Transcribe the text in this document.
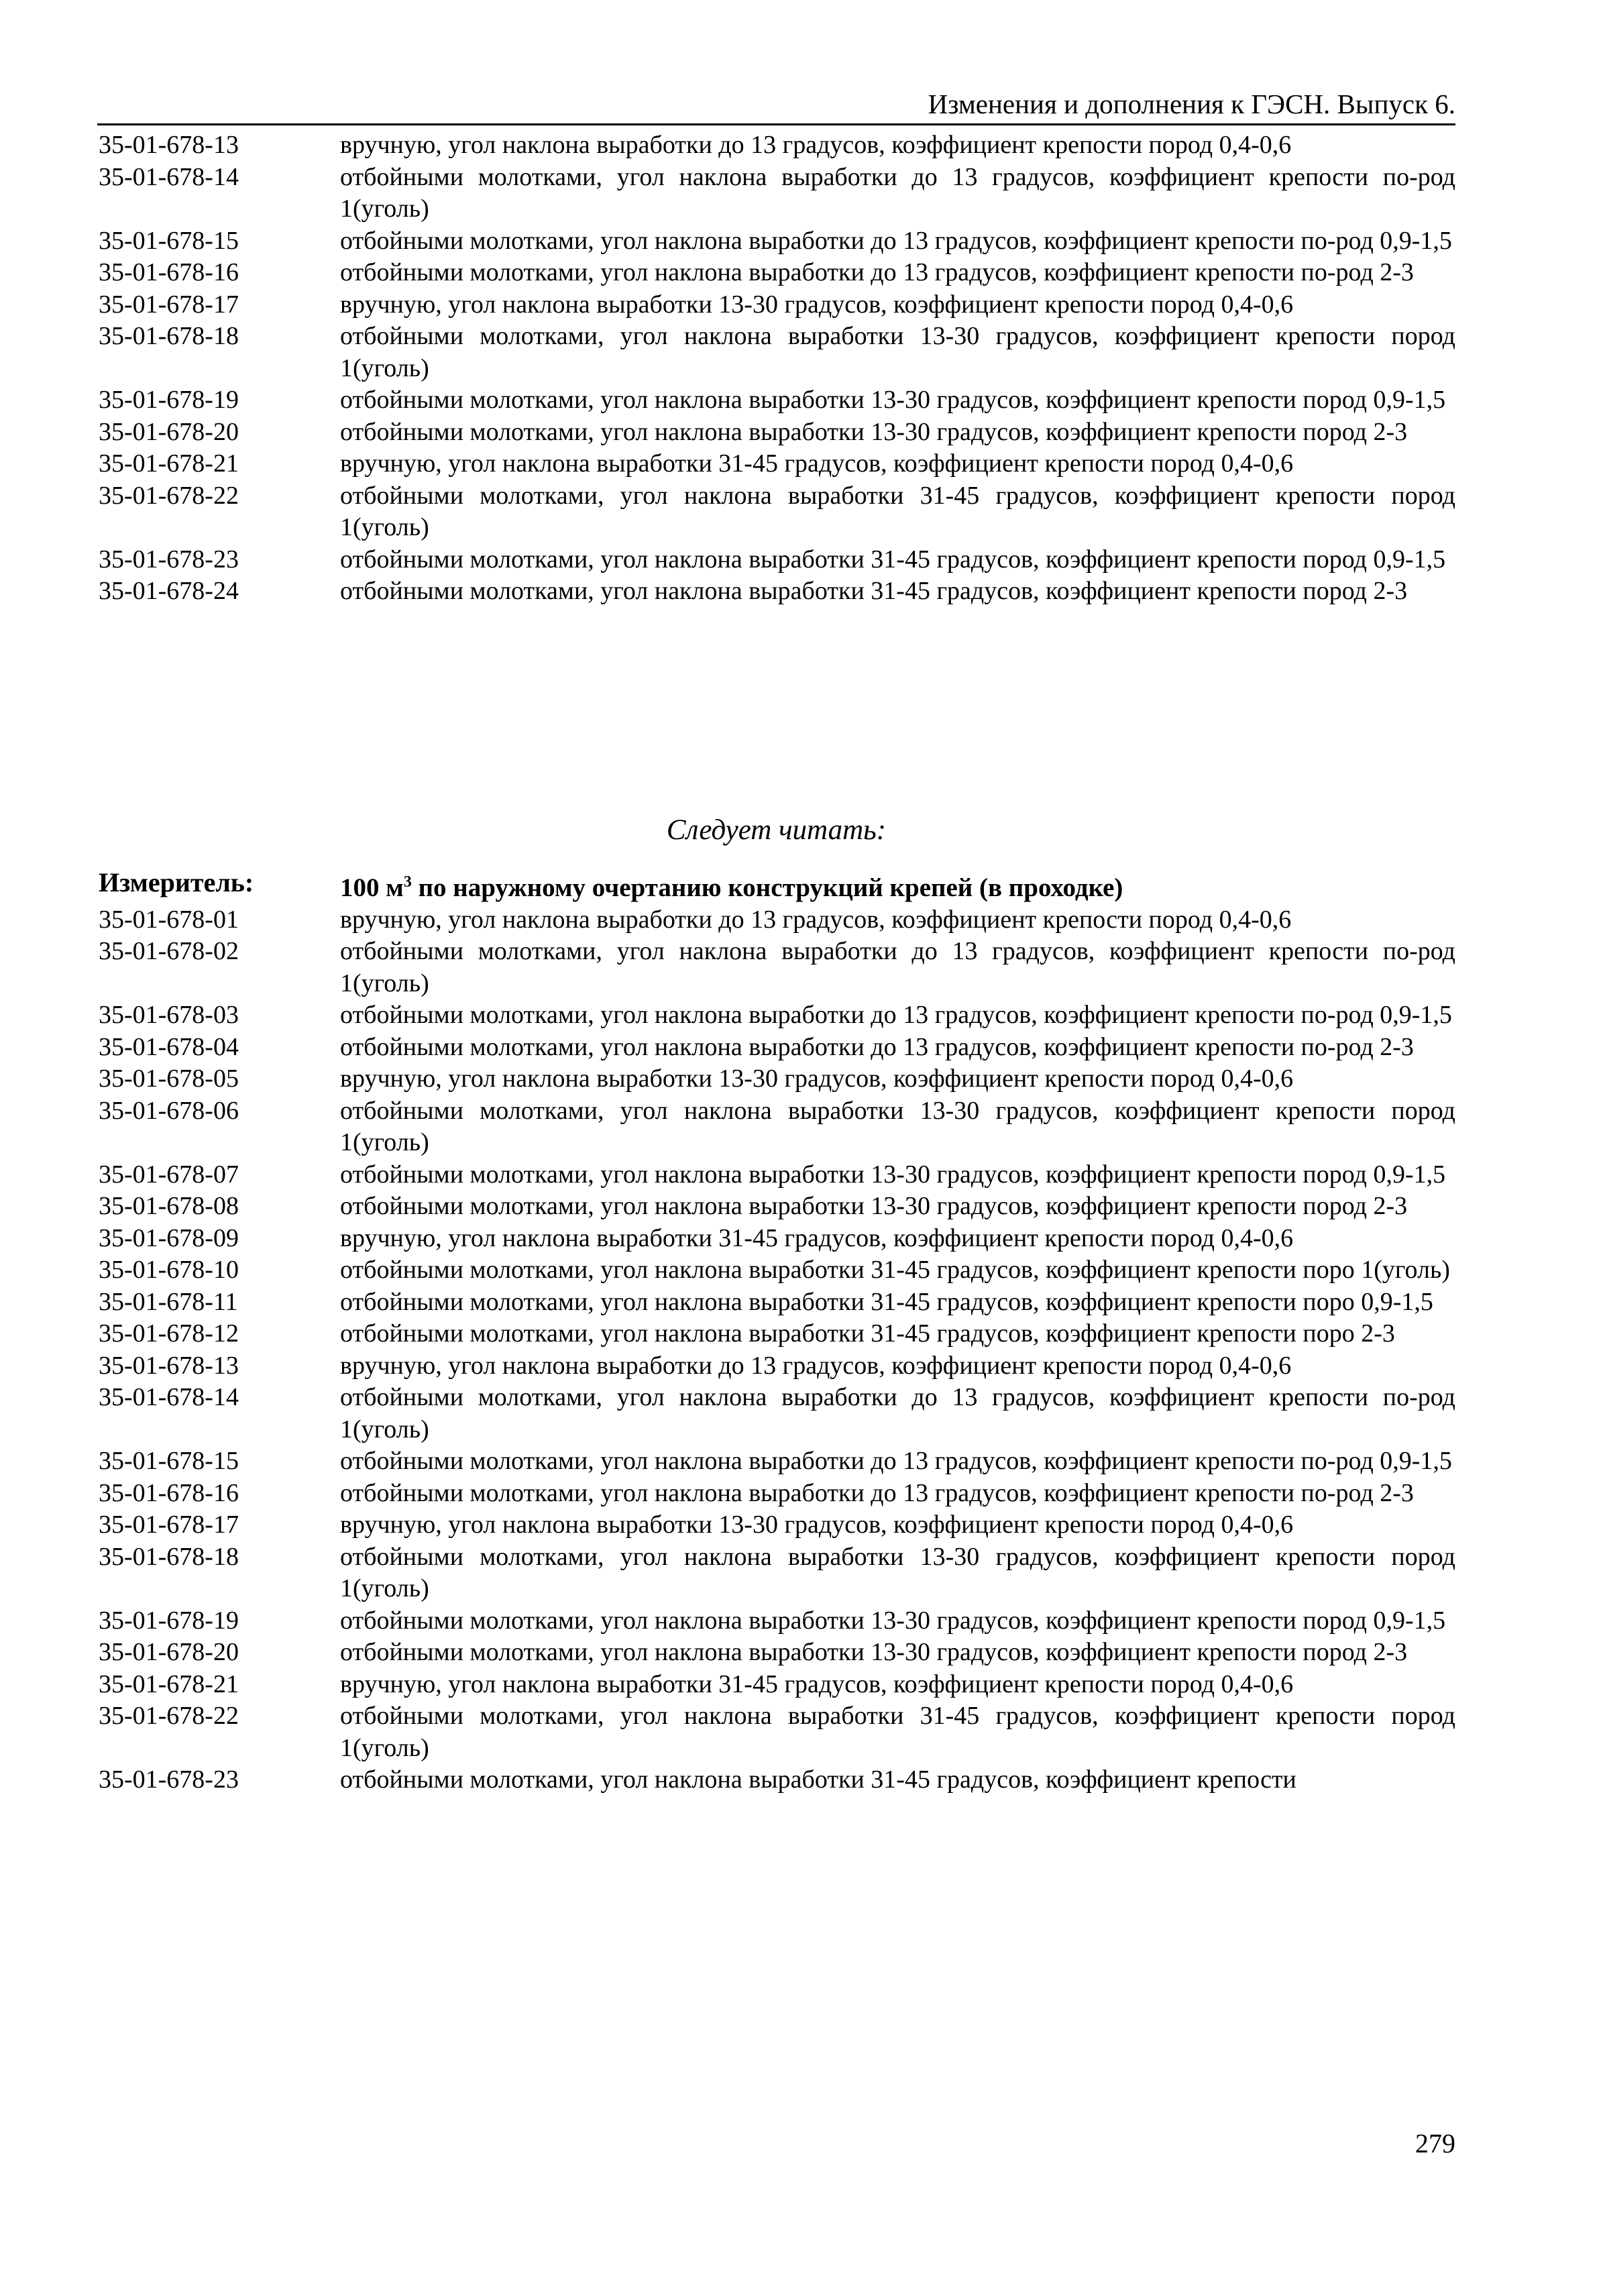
Изменения и дополнения к ГЭСН. Выпуск 6.
35-01-678-13	вручную, угол наклона выработки до 13 градусов, коэффициент крепости пород 0,4-0,6
35-01-678-14	отбойными молотками, угол наклона выработки до 13 градусов, коэффициент крепости по-род 1(уголь)
35-01-678-15	отбойными молотками, угол наклона выработки до 13 градусов, коэффициент крепости по-род 0,9-1,5
35-01-678-16	отбойными молотками, угол наклона выработки до 13 градусов, коэффициент крепости по-род 2-3
35-01-678-17	вручную, угол наклона выработки 13-30 градусов, коэффициент крепости пород 0,4-0,6
35-01-678-18	отбойными молотками, угол наклона выработки 13-30 градусов, коэффициент крепости пород 1(уголь)
35-01-678-19	отбойными молотками, угол наклона выработки 13-30 градусов, коэффициент крепости пород 0,9-1,5
35-01-678-20	отбойными молотками, угол наклона выработки 13-30 градусов, коэффициент крепости пород 2-3
35-01-678-21	вручную, угол наклона выработки 31-45 градусов, коэффициент крепости пород 0,4-0,6
35-01-678-22	отбойными молотками, угол наклона выработки 31-45 градусов, коэффициент крепости пород 1(уголь)
35-01-678-23	отбойными молотками, угол наклона выработки 31-45 градусов, коэффициент крепости пород 0,9-1,5
35-01-678-24	отбойными молотками, угол наклона выработки 31-45 градусов, коэффициент крепости пород 2-3
Следует читать:
Измеритель:	100 $м^3$ по наружному очертанию конструкций крепей (в проходке)
35-01-678-01	вручную, угол наклона выработки до 13 градусов, коэффициент крепости пород 0,4-0,6
35-01-678-02	отбойными молотками, угол наклона выработки до 13 градусов, коэффициент крепости по-род 1(уголь)
35-01-678-03	отбойными молотками, угол наклона выработки до 13 градусов, коэффициент крепости по-род 0,9-1,5
35-01-678-04	отбойными молотками, угол наклона выработки до 13 градусов, коэффициент крепости по-род 2-3
35-01-678-05	вручную, угол наклона выработки 13-30 градусов, коэффициент крепости пород 0,4-0,6
35-01-678-06	отбойными молотками, угол наклона выработки 13-30 градусов, коэффициент крепости пород 1(уголь)
35-01-678-07	отбойными молотками, угол наклона выработки 13-30 градусов, коэффициент крепости пород 0,9-1,5
35-01-678-08	отбойными молотками, угол наклона выработки 13-30 градусов, коэффициент крепости пород 2-3
35-01-678-09	вручную, угол наклона выработки 31-45 градусов, коэффициент крепости пород 0,4-0,6
35-01-678-10	отбойными молотками, угол наклона выработки 31-45 градусов, коэффициент крепости поро 1(уголь)
35-01-678-11	отбойными молотками, угол наклона выработки 31-45 градусов, коэффициент крепости поро 0,9-1,5
35-01-678-12	отбойными молотками, угол наклона выработки 31-45 градусов, коэффициент крепости поро 2-3
35-01-678-13	вручную, угол наклона выработки до 13 градусов, коэффициент крепости пород 0,4-0,6
35-01-678-14	отбойными молотками, угол наклона выработки до 13 градусов, коэффициент крепости по-род 1(уголь)
35-01-678-15	отбойными молотками, угол наклона выработки до 13 градусов, коэффициент крепости по-род 0,9-1,5
35-01-678-16	отбойными молотками, угол наклона выработки до 13 градусов, коэффициент крепости по-род 2-3
35-01-678-17	вручную, угол наклона выработки 13-30 градусов, коэффициент крепости пород 0,4-0,6
35-01-678-18	отбойными молотками, угол наклона выработки 13-30 градусов, коэффициент крепости пород 1(уголь)
35-01-678-19	отбойными молотками, угол наклона выработки 13-30 градусов, коэффициент крепости пород 0,9-1,5
35-01-678-20	отбойными молотками, угол наклона выработки 13-30 градусов, коэффициент крепости пород 2-3
35-01-678-21	вручную, угол наклона выработки 31-45 градусов, коэффициент крепости пород 0,4-0,6
35-01-678-22	отбойными молотками, угол наклона выработки 31-45 градусов, коэффициент крепости пород 1(уголь)
35-01-678-23	отбойными молотками, угол наклона выработки 31-45 градусов, коэффициент крепости
279
